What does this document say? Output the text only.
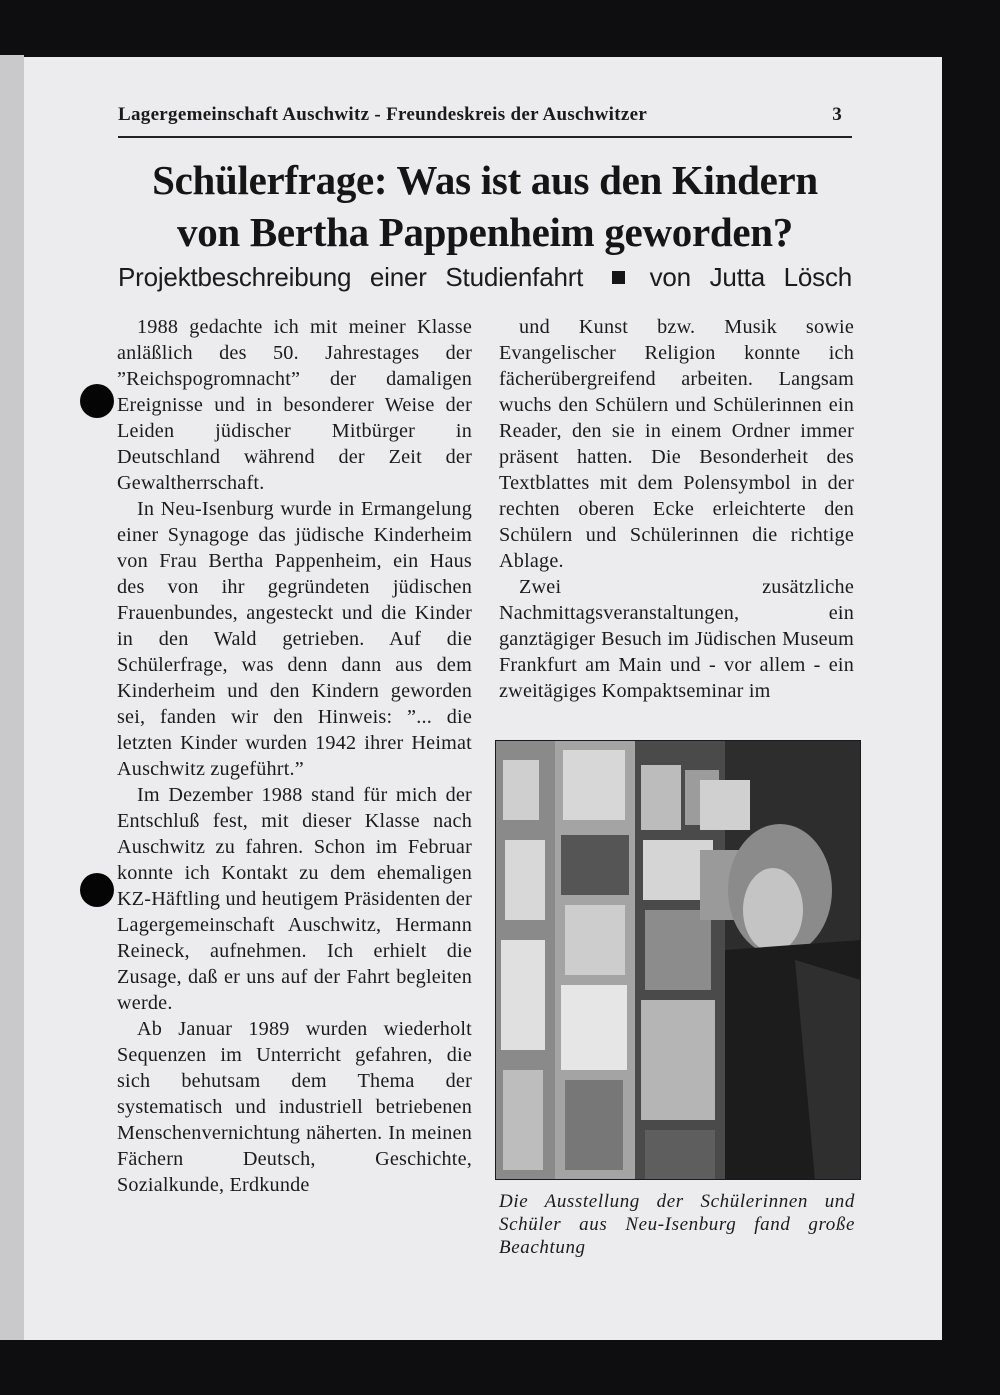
Lagergemeinschaft Auschwitz - Freundeskreis der Auschwitzer	3
Schülerfrage: Was ist aus den Kindern
von Bertha Pappenheim geworden?
Projektbeschreibung einer Studienfahrt	von Jutta Lösch

1988 gedachte ich mit meiner Klasse anläßlich des 50. Jahrestages der ”Reichspogromnacht” der damaligen Ereignisse und in besonderer Weise der Leiden jüdischer Mitbürger in Deutschland während der Zeit der Gewaltherrschaft.

In Neu-Isenburg wurde in Ermangelung einer Synagoge das jüdische Kinderheim von Frau Bertha Pappenheim, ein Haus des von ihr gegründeten jüdischen Frauenbundes, angesteckt und die Kinder in den Wald getrieben. Auf die Schülerfrage, was denn dann aus dem Kinderheim und den Kindern geworden sei, fanden wir den Hinweis: ”... die letzten Kinder wurden 1942 ihrer Heimat Auschwitz zugeführt.”

Im Dezember 1988 stand für mich der Entschluß fest, mit dieser Klasse nach Auschwitz zu fahren. Schon im Februar konnte ich Kontakt zu dem ehemaligen KZ-Häftling und heutigem Präsidenten der Lagergemeinschaft Auschwitz, Hermann Reineck, aufnehmen. Ich erhielt die Zusage, daß er uns auf der Fahrt begleiten werde.

Ab Januar 1989 wurden wiederholt Sequenzen im Unterricht gefahren, die sich behutsam dem Thema der systematisch und industriell betriebenen Menschenvernichtung näherten. In meinen Fächern Deutsch, Geschichte, Sozialkunde, Erdkunde

und Kunst bzw. Musik sowie Evangelischer Religion konnte ich fächerübergreifend arbeiten. Langsam wuchs den Schülern und Schülerinnen ein Reader, den sie in einem Ordner immer präsent hatten. Die Besonderheit des Textblattes mit dem Polensymbol in der rechten oberen Ecke erleichterte den Schülern und Schülerinnen die richtige Ablage.

Zwei zusätzliche Nachmittagsveranstaltungen, ein ganztägiger Besuch im Jüdischen Museum Frankfurt am Main und - vor allem - ein zweitägiges Kompaktseminar im

Die Ausstellung der Schülerinnen und Schüler aus Neu-Isenburg fand große Beachtung
